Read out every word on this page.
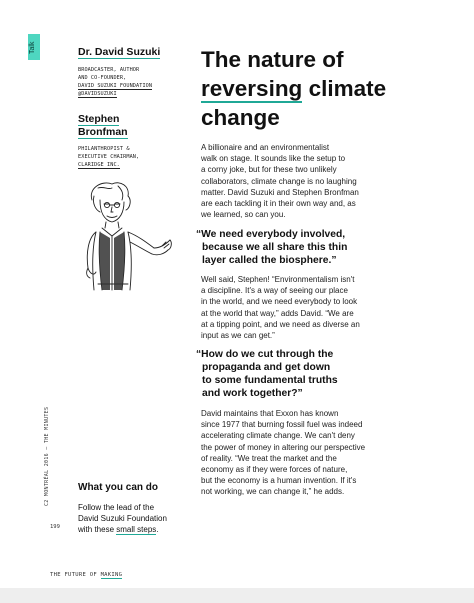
Talk	Dr. David Suzuki
BROADCASTER, AUTHOR
AND CO-FOUNDER,
DAVID SUZUKI FOUNDATION
@DAVIDSUZUKI
Stephen
Bronfman
PHILANTHROPIST &
EXECUTIVE CHAIRMAN,
CLARIDGE INC.
The nature of
reversing climate
change
A billionaire and an environmentalist
walk on stage. It sounds like the setup to
a corny joke, but for these two unlikely
collaborators, climate change is no laughing
matter. David Suzuki and Stephen Bronfman
are each tackling it in their own way and, as
we learned, so can you.
“We need everybody involved,
because we all share this thin
layer called the biosphere.”
Well said, Stephen! “Environmentalism isn't
a discipline. It's a way of seeing our place
in the world, and we need everybody to look
at the world that way,” adds David. “We are
at a tipping point, and we need as diverse an
input as we can get.”
“How do we cut through the
propaganda and get down
to some fundamental truths
and work together?”
David maintains that Exxon has known
since 1977 that burning fossil fuel was indeed
accelerating climate change. We can't deny
the power of money in altering our perspective
of reality. “We treat the market and the
economy as if they were forces of nature,
but the economy is a human invention. If it's
not working, we can change it,” he adds.
C2 MONTRÉAL 2016 — THE MINUTES
199
What you can do
Follow the lead of the
David Suzuki Foundation
with these small steps.
THE FUTURE OF MAKING
